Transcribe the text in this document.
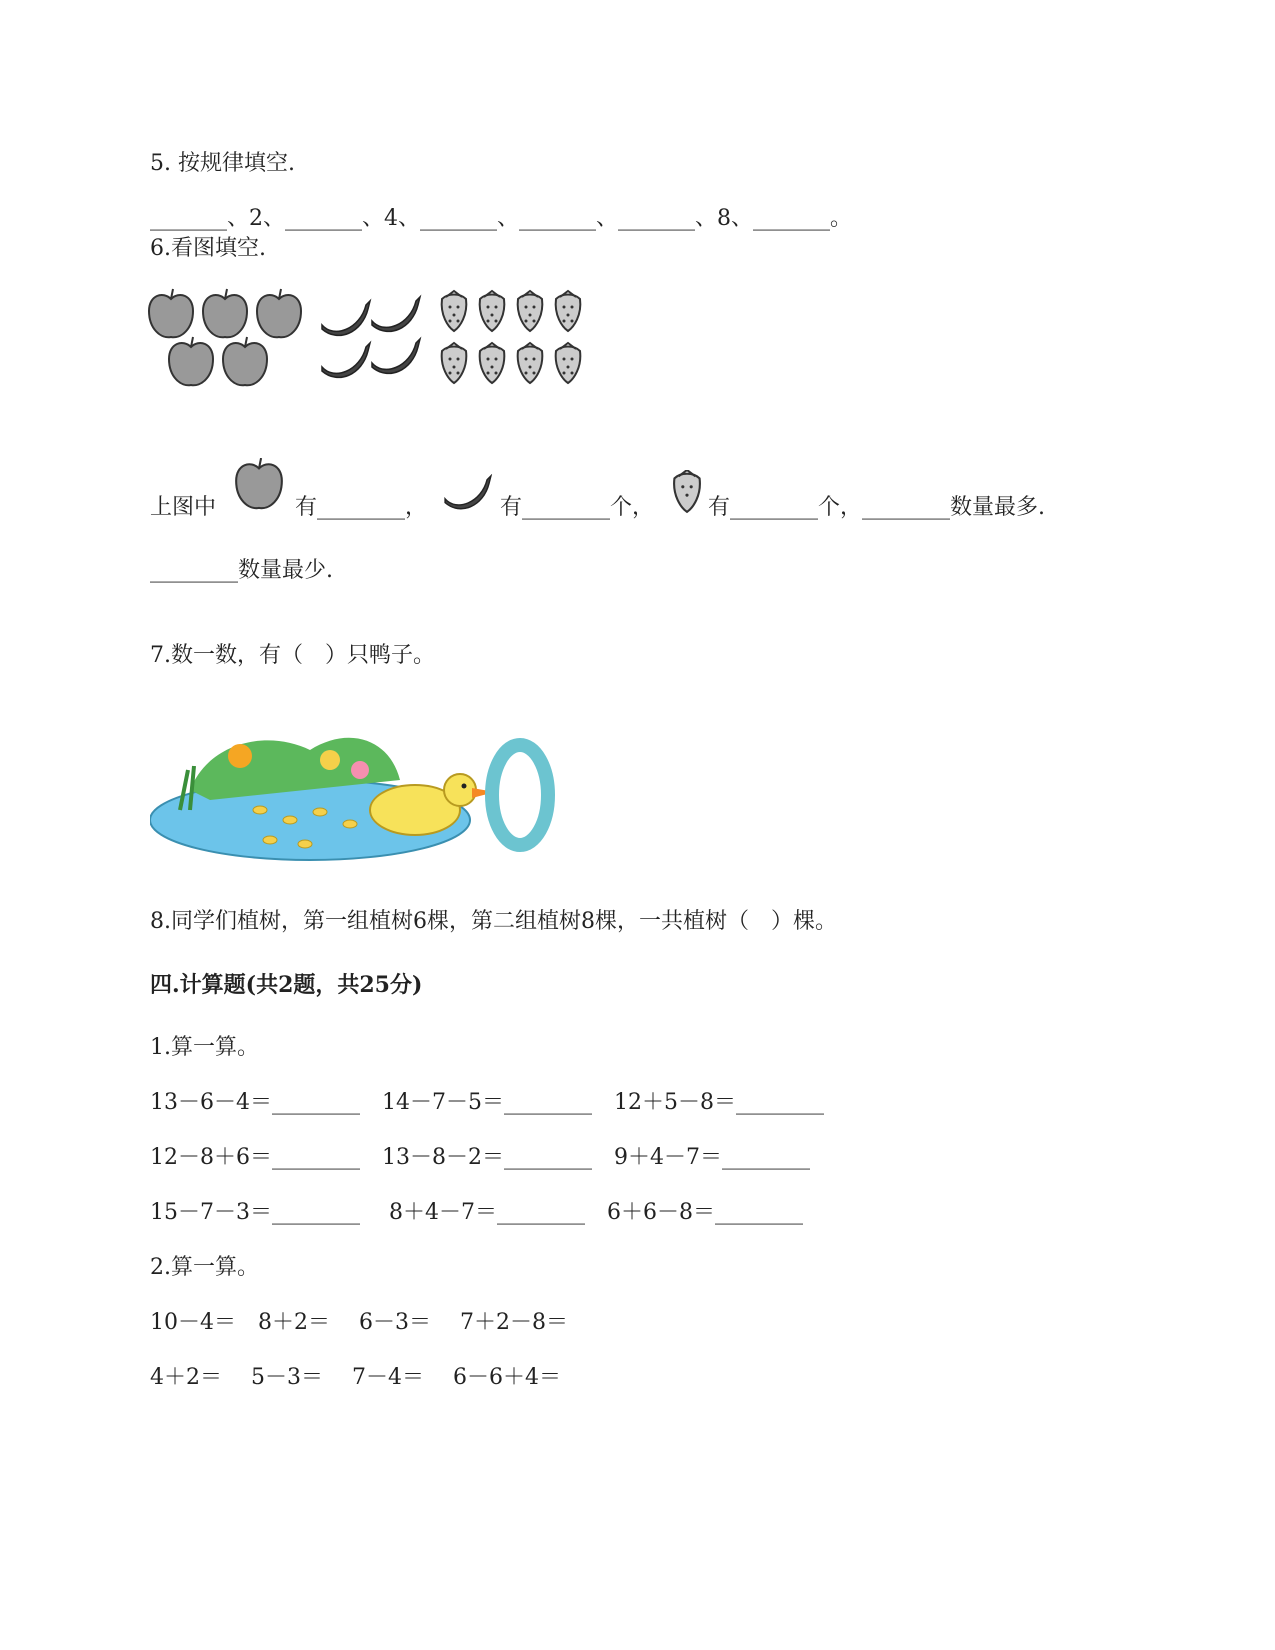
5. 按规律填空.
_______、2、_______、4、_______、_______、_______、8、_______。
6.看图填空.
上图中	有________，	有________个， 有________个，________数量最多.
________数量最少.
7.数一数，有（　）只鸭子。
8.同学们植树，第一组植树6棵，第二组植树8棵，一共植树（　）棵。
四.计算题(共2题，共25分)
1.算一算。
13－6－4＝________　14－7－5＝________　12＋5－8＝________
12－8＋6＝________　13－8－2＝________　9＋4－7＝________
15－7－3＝________　 8＋4－7＝________　6＋6－8＝________
2.算一算。
10－4＝　8＋2＝　 6－3＝　 7＋2－8＝
4＋2＝　 5－3＝　 7－4＝　 6－6＋4＝
